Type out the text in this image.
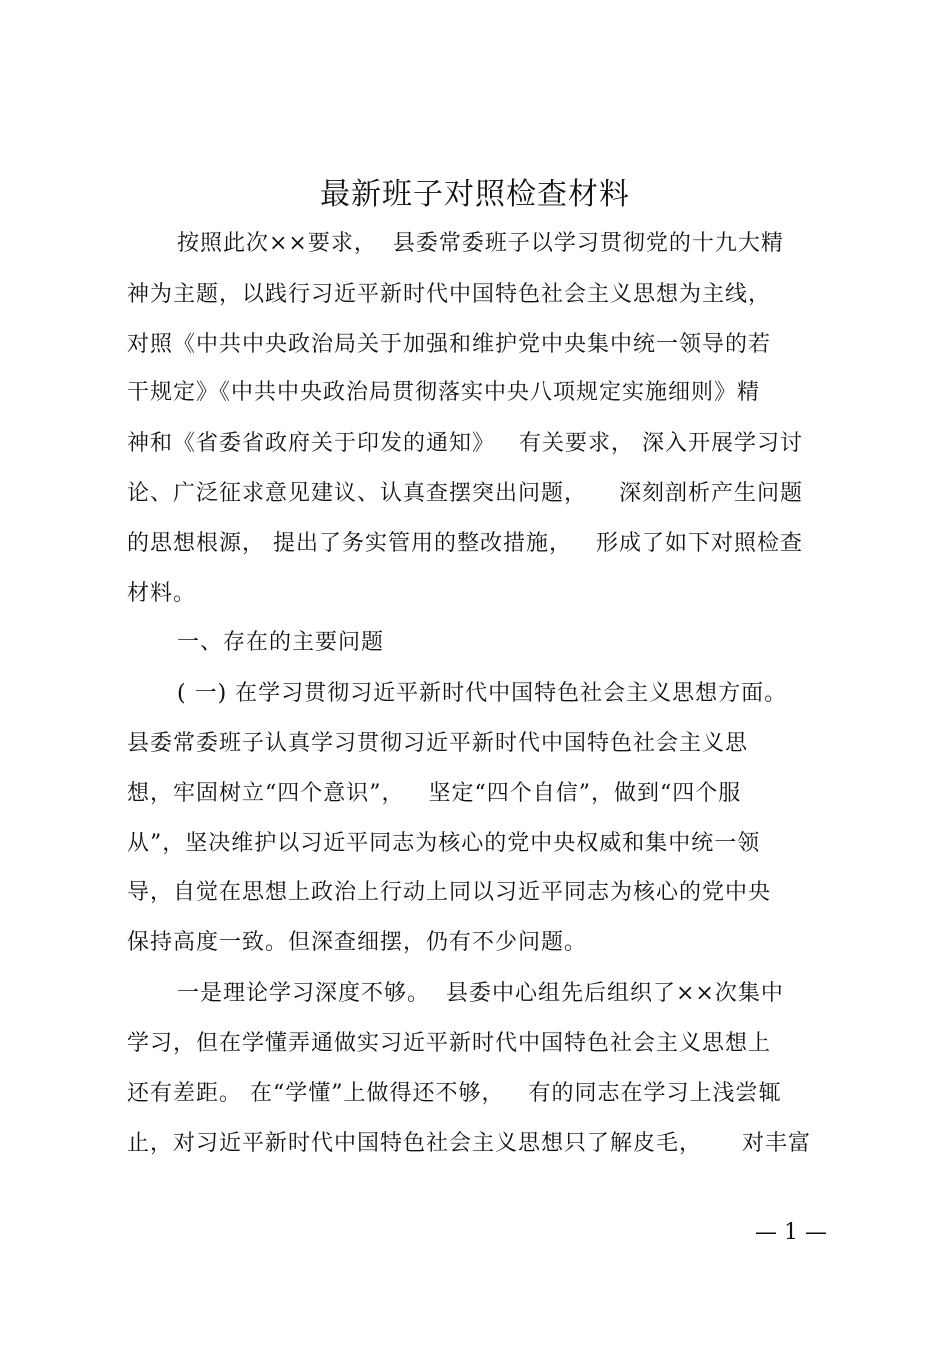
最新班子对照检查材料
按照此次××要求，  县委常委班子以学习贯彻党的十九大精
神为主题，以践行习近平新时代中国特色社会主义思想为主线，
对照《中共中央政治局关于加强和维护党中央集中统一领导的若
干规定》《中共中央政治局贯彻落实中央八项规定实施细则》精
神和《省委省政府关于印发的通知》   有关要求， 深入开展学习讨
论、广泛征求意见建议、认真查摆突出问题，    深刻剖析产生问题
的思想根源， 提出了务实管用的整改措施，   形成了如下对照检查
材料。
一、存在的主要问题
( 一) 在学习贯彻习近平新时代中国特色社会主义思想方面。
县委常委班子认真学习贯彻习近平新时代中国特色社会主义思
想，牢固树立“四个意识”，   坚定“四个自信”，做到“四个服
从”，坚决维护以习近平同志为核心的党中央权威和集中统一领
导，自觉在思想上政治上行动上同以习近平同志为核心的党中央
保持高度一致。但深查细摆，仍有不少问题。
一是理论学习深度不够。  县委中心组先后组织了××次集中
学习，但在学懂弄通做实习近平新时代中国特色社会主义思想上
还有差距。 在“学懂”上做得还不够，   有的同志在学习上浅尝辄
止，对习近平新时代中国特色社会主义思想只了解皮毛，     对丰富
— 1 —
